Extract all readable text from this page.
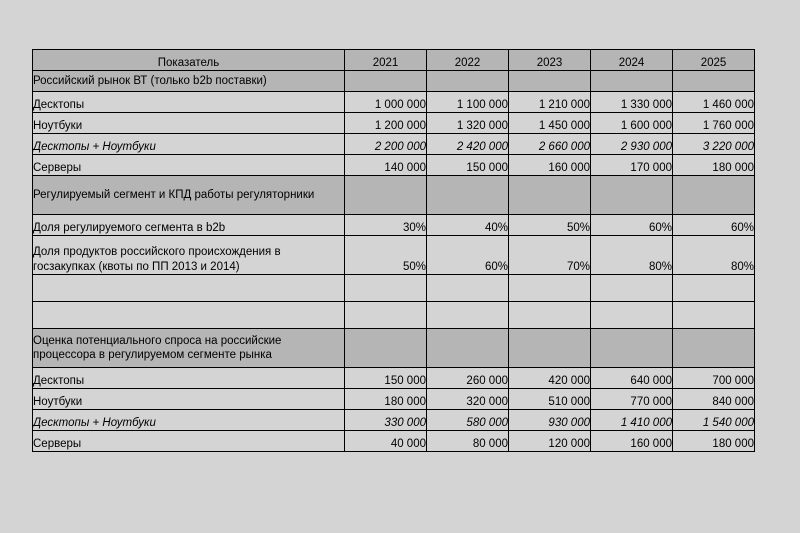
Показатель	2021	2022	2023	2024	2025
Российский рынок ВТ (только b2b поставки)					
Десктопы	1 000 000	1 100 000	1 210 000	1 330 000	1 460 000
Ноутбуки	1 200 000	1 320 000	1 450 000	1 600 000	1 760 000
Десктопы + Ноутбуки	2 200 000	2 420 000	2 660 000	2 930 000	3 220 000
Серверы	140 000	150 000	160 000	170 000	180 000
Регулируемый сегмент и КПД работы регуляторники					
Доля регулируемого сегмента в b2b	30%	40%	50%	60%	60%
Доля продуктов российского происхождения в госзакупках (квоты по ПП 2013 и 2014)	50%	60%	70%	80%	80%

Оценка потенциального спроса на российские процессора в регулируемом сегменте рынка					
Десктопы	150 000	260 000	420 000	640 000	700 000
Ноутбуки	180 000	320 000	510 000	770 000	840 000
Десктопы + Ноутбуки	330 000	580 000	930 000	1 410 000	1 540 000
Серверы	40 000	80 000	120 000	160 000	180 000
